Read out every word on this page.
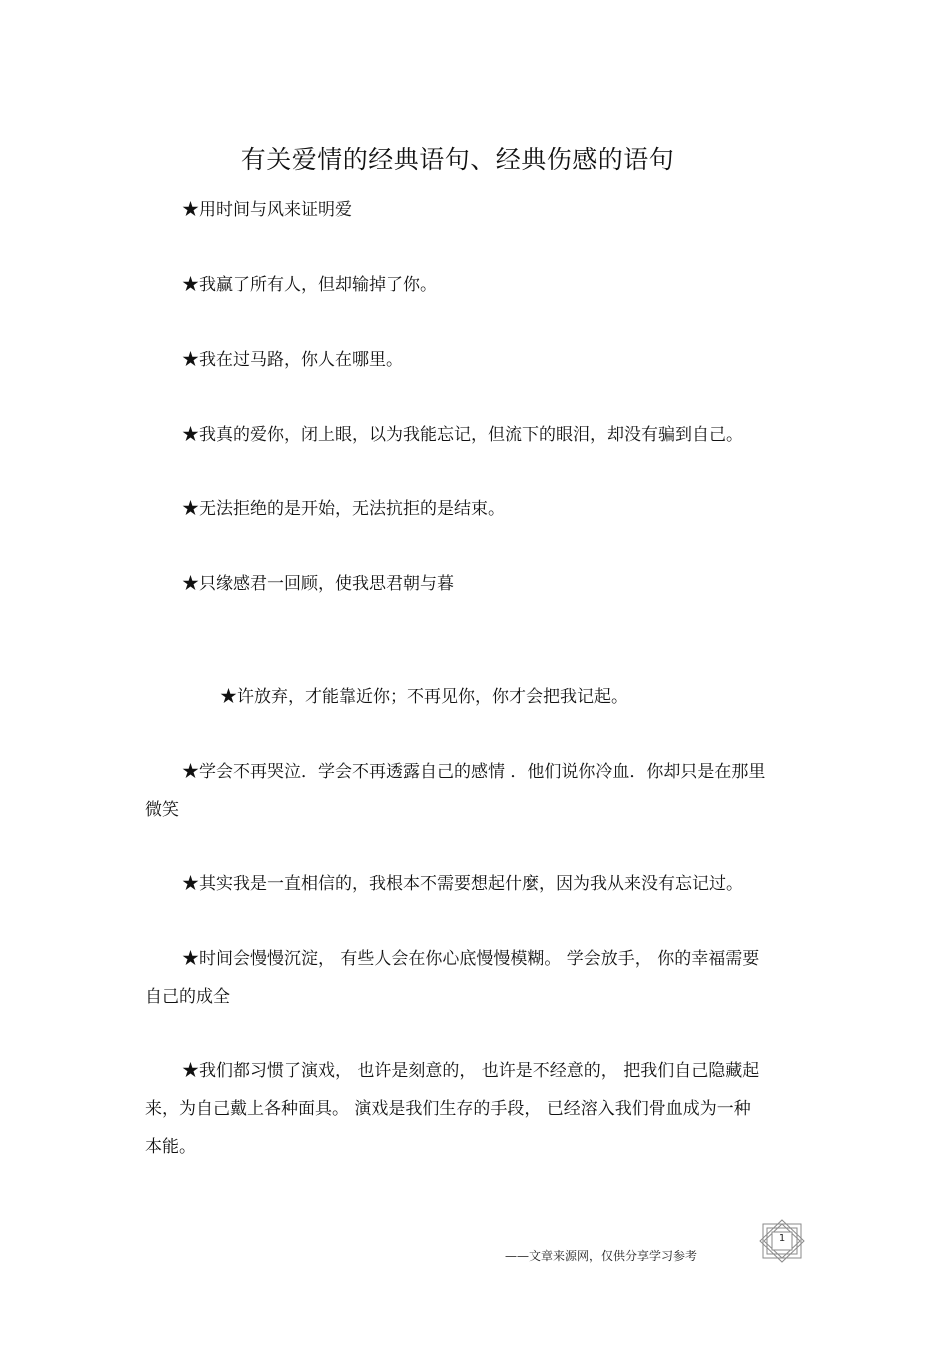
有关爱情的经典语句、经典伤感的语句
★用时间与风来证明爱
★我赢了所有人，但却输掉了你。
★我在过马路，你人在哪里。
★我真的爱你，闭上眼，以为我能忘记，但流下的眼泪，却没有骗到自己。
★无法拒绝的是开始，无法抗拒的是结束。
★只缘感君一回顾，使我思君朝与暮
★许放弃，才能靠近你；不再见你，你才会把我记起。
★学会不再哭泣．学会不再透露自己的感情 ．他们说你冷血．你却只是在那里
微笑
★其实我是一直相信的，我根本不需要想起什麼，因为我从来没有忘记过。
★时间会慢慢沉淀， 有些人会在你心底慢慢模糊。 学会放手， 你的幸福需要
自己的成全
★我们都习惯了演戏， 也许是刻意的， 也许是不经意的， 把我们自己隐藏起
来，为自己戴上各种面具。 演戏是我们生存的手段， 已经溶入我们骨血成为一种
本能。
——文章来源网，仅供分享学习参考
1
